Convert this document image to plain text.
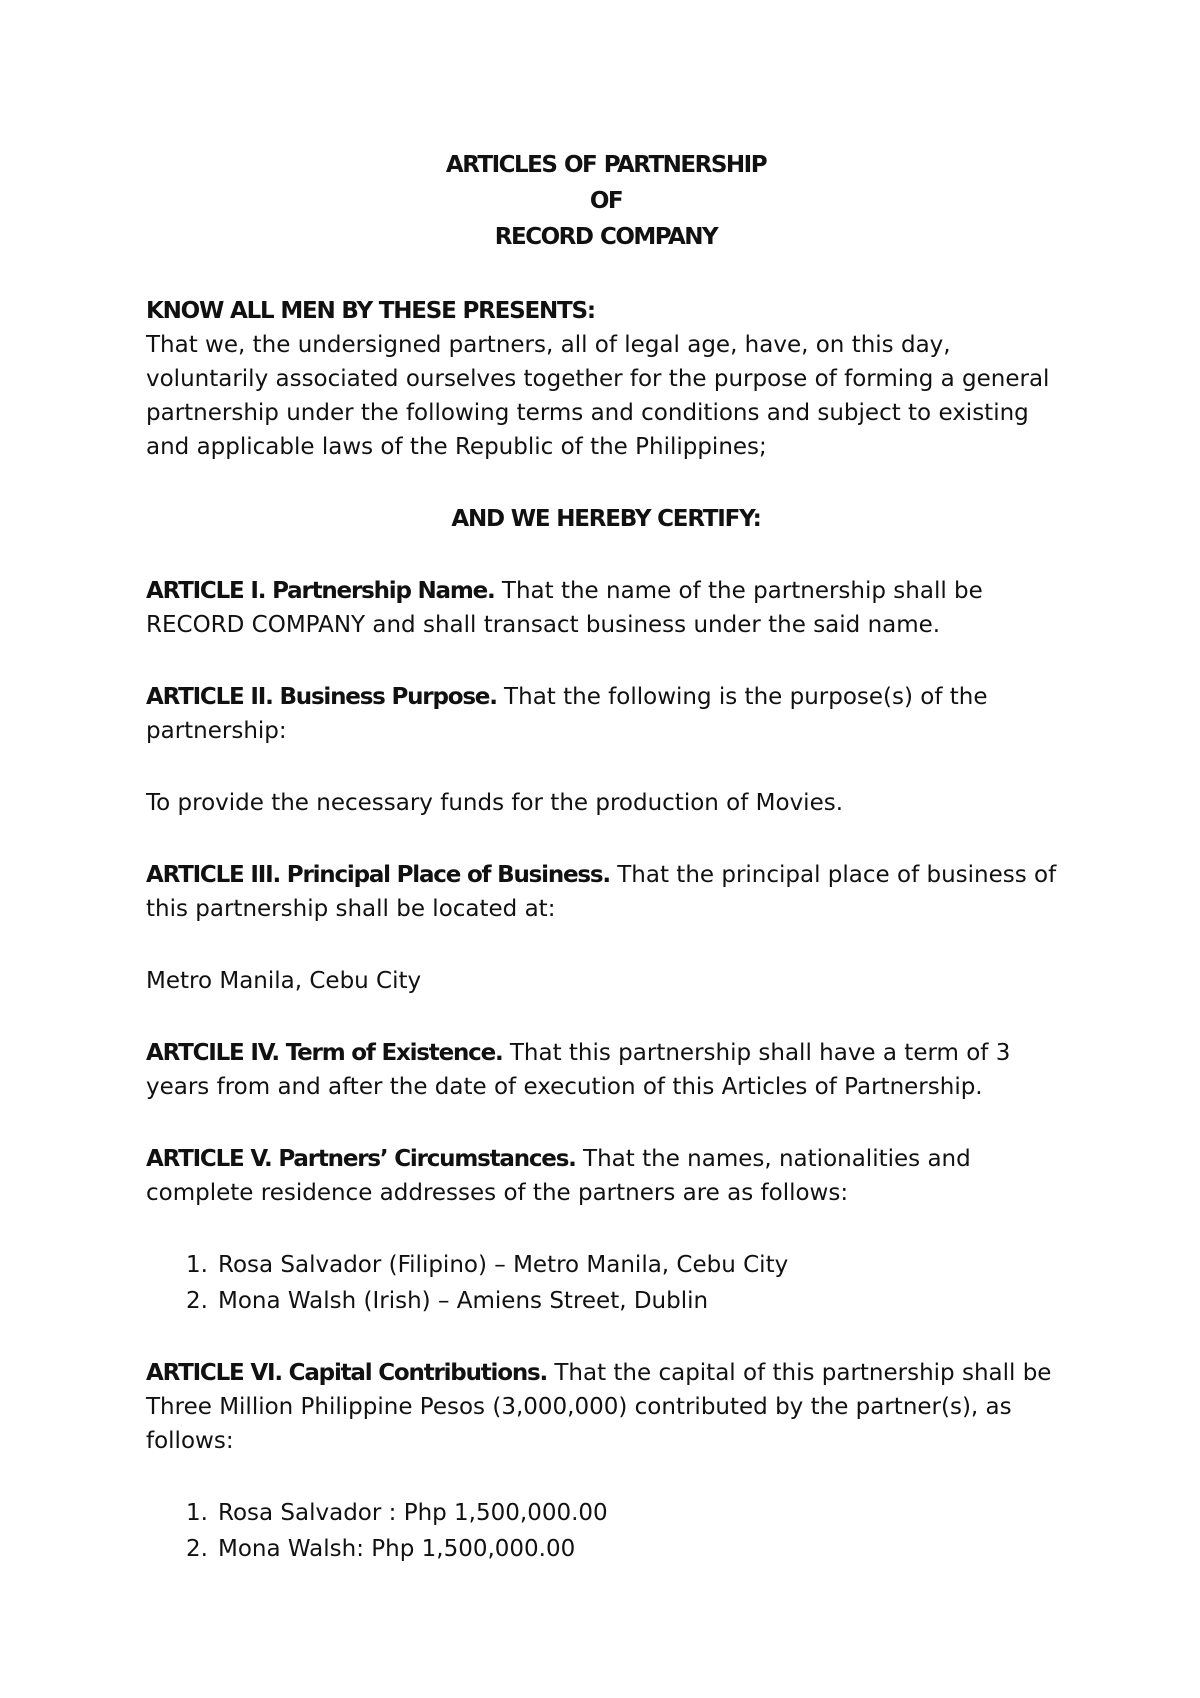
ARTICLES OF PARTNERSHIP
OF
RECORD COMPANY
KNOW ALL MEN BY THESE PRESENTS:

That we, the undersigned partners, all of legal age, have, on this day, voluntarily associated ourselves together for the purpose of forming a general partnership under the following terms and conditions and subject to existing and applicable laws of the Republic of the Philippines;

AND WE HEREBY CERTIFY:

ARTICLE I. Partnership Name. That the name of the partnership shall be RECORD COMPANY and shall transact business under the said name.

ARTICLE II. Business Purpose. That the following is the purpose(s) of the partnership:

To provide the necessary funds for the production of Movies.

ARTICLE III. Principal Place of Business. That the principal place of business of this partnership shall be located at:

Metro Manila, Cebu City

ARTCILE IV. Term of Existence. That this partnership shall have a term of 3 years from and after the date of execution of this Articles of Partnership.

ARTICLE V. Partners’ Circumstances. That the names, nationalities and complete residence addresses of the partners are as follows:

1. Rosa Salvador (Filipino) – Metro Manila, Cebu City
2. Mona Walsh (Irish) – Amiens Street, Dublin

ARTICLE VI. Capital Contributions. That the capital of this partnership shall be Three Million Philippine Pesos (3,000,000) contributed by the partner(s), as follows:

1. Rosa Salvador : Php 1,500,000.00
2. Mona Walsh: Php 1,500,000.00
